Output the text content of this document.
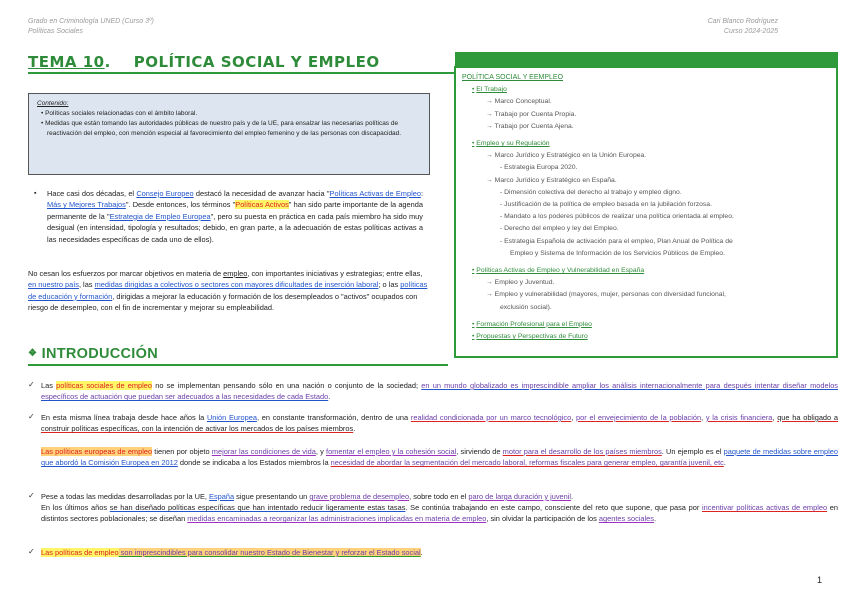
Grado en Criminología UNED (Curso 3º)
Políticas Sociales
Cari Blanco Rodríguez
Curso 2024-2025
TEMA 10. POLÍTICA SOCIAL Y EMPLEO
Contenido:
• Políticas sociales relacionadas con el ámbito laboral.
• Medidas que están tomando las autoridades públicas de nuestro país y de la UE, para ensalzar las necesarias políticas de reactivación del empleo, con mención especial al favorecimiento del empleo femenino y de las personas con discapacidad.
POLÍTICA SOCIAL Y EEMPLEO
• El Trabajo
→ Marco Conceptual.
→ Trabajo por Cuenta Propia.
→ Trabajo por Cuenta Ajena.
• Empleo y su Regulación
→ Marco Jurídico y Estratégico en la Unión Europea.
- Estrategia Europa 2020.
→ Marco Jurídico y Estratégico en España.
- Dimensión colectiva del derecho al trabajo y empleo digno.
- Justificación de la política de empleo basada en la jubilación forzosa.
- Mandato a los poderes públicos de realizar una política orientada al empleo.
- Derecho del empleo y ley del Empleo.
- Estrategia Española de activación para el empleo, Plan Anual de Política de
Empleo y Sistema de Información de los Servicios Públicos de Empleo.
• Políticas Activas de Empleo y Vulnerabilidad en España
→ Empleo y Juventud.
→ Empleo y vulnerabilidad (mayores, mujer, personas con diversidad funcional,
exclusión social).
• Formación Profesional para el Empleo
• Propuestas y Perspectivas de Futuro
▪ Hace casi dos décadas, el Consejo Europeo destacó la necesidad de avanzar hacia "Políticas Activas de Empleo: Más y Mejores Trabajos". Desde entonces, los términos "Políticas Activos" han sido parte importante de la agenda permanente de la "Estrategia de Empleo Europea", pero su puesta en práctica en cada país miembro ha sido muy desigual (en intensidad, tipología y resultados; debido, en gran parte, a la adecuación de estas políticas activas a las necesidades específicas de cada uno de ellos).
No cesan los esfuerzos por marcar objetivos en materia de empleo, con importantes iniciativas y estrategias; entre ellas, en nuestro país, las medidas dirigidas a colectivos o sectores con mayores dificultades de inserción laboral; o las políticas de educación y formación, dirigidas a mejorar la educación y formación de los desempleados o "activos" ocupados con riesgo de desempleo, con el fin de incrementar y mejorar su empleabilidad.
❖ INTRODUCCIÓN
✓ Las políticas sociales de empleo no se implementan pensando sólo en una nación o conjunto de la sociedad; en un mundo globalizado es imprescindible ampliar los análisis internacionalmente para después intentar diseñar modelos específicos de actuación que puedan ser adecuados a las necesidades de cada Estado.
✓ En esta misma línea trabaja desde hace años la Unión Europea, en constante transformación, dentro de una realidad condicionada por un marco tecnológico, por el envejecimiento de la población, y la crisis financiera, que ha obligado a construir políticas específicas, con la intención de activar los mercados de los países miembros.
Las políticas europeas de empleo tienen por objeto mejorar las condiciones de vida, y fomentar el empleo y la cohesión social, sirviendo de motor para el desarrollo de los países miembros. Un ejemplo es el paquete de medidas sobre empleo que abordó la Comisión Europea en 2012 donde se indicaba a los Estados miembros la necesidad de abordar la segmentación del mercado laboral, reformas fiscales para generar empleo, garantía juvenil, etc.
✓ Pese a todas las medidas desarrolladas por la UE, España sigue presentando un grave problema de desempleo, sobre todo en el paro de larga duración y juvenil.
En los últimos años se han diseñado políticas específicas que han intentado reducir ligeramente estas tasas. Se continúa trabajando en este campo, consciente del reto que supone, que pasa por incentivar políticas activas de empleo en distintos sectores poblacionales; se diseñan medidas encaminadas a reorganizar las administraciones implicadas en materia de empleo, sin olvidar la participación de los agentes sociales.
✓ Las políticas de empleo son imprescindibles para consolidar nuestro Estado de Bienestar y reforzar el Estado social.
1
